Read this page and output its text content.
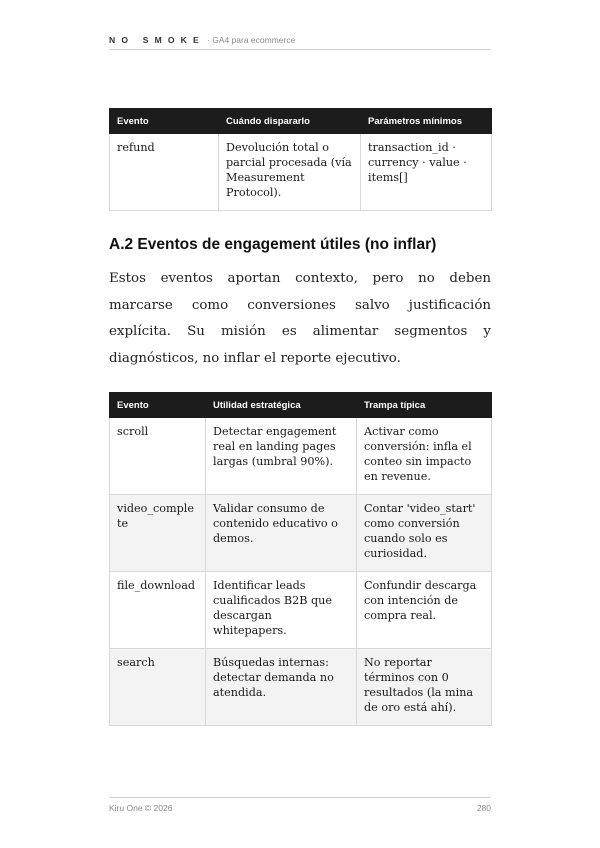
NO SMOKE · GA4 para ecommerce
Evento	Cuándo dispararlo	Parámetros mínimos
refund	Devolución total o parcial procesada (vía Measurement Protocol).	transaction_id · currency · value · items[]
A.2 Eventos de engagement útiles (no inflar)

Estos eventos aportan contexto, pero no deben marcarse como conversiones salvo justificación explícita. Su misión es alimentar segmentos y diagnósticos, no inflar el reporte ejecutivo.

Evento	Utilidad estratégica	Trampa típica
scroll	Detectar engagement real en landing pages largas (umbral 90%).	Activar como conversión: infla el conteo sin impacto en revenue.
video_complete	Validar consumo de contenido educativo o demos.	Contar 'video_start' como conversión cuando solo es curiosidad.
file_download	Identificar leads cualificados B2B que descargan whitepapers.	Confundir descarga con intención de compra real.
search	Búsquedas internas: detectar demanda no atendida.	No reportar términos con 0 resultados (la mina de oro está ahí).
Kiru One © 2026	280
